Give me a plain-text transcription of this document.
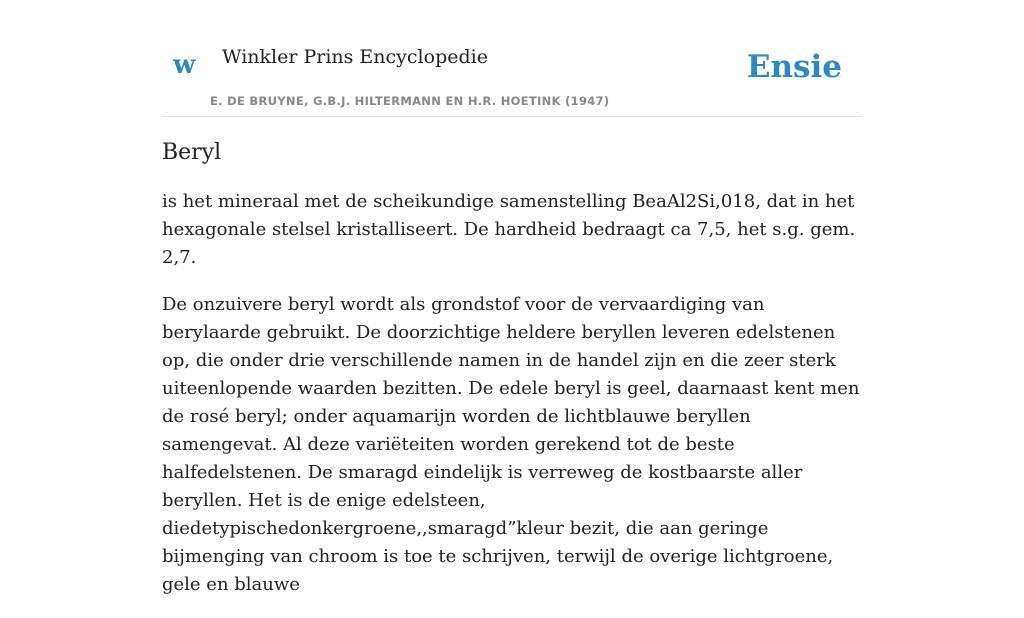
w Winkler Prins Encyclopedie
E. DE BRUYNE, G.B.J. HILTERMANN EN H.R. HOETINK (1947)
Ensie
Beryl

is het mineraal met de scheikundige samenstelling BeaAl2Si,018, dat in het hexagonale stelsel kristalliseert. De hardheid bedraagt ca 7,5, het s.g. gem. 2,7.

De onzuivere beryl wordt als grondstof voor de vervaardiging van berylaarde gebruikt. De doorzichtige heldere beryllen leveren edelstenen op, die onder drie verschillende namen in de handel zijn en die zeer sterk uiteenlopende waarden bezitten. De edele beryl is geel, daarnaast kent men de rosé beryl; onder aquamarijn worden de lichtblauwe beryllen samengevat. Al deze variëteiten worden gerekend tot de beste halfedelstenen. De smaragd eindelijk is verreweg de kostbaarste aller beryllen. Het is de enige edelsteen, diedetypischedonkergroene,,smaragd”kleur bezit, die aan geringe bijmenging van chroom is toe te schrijven, terwijl de overige lichtgroene, gele en blauwe
